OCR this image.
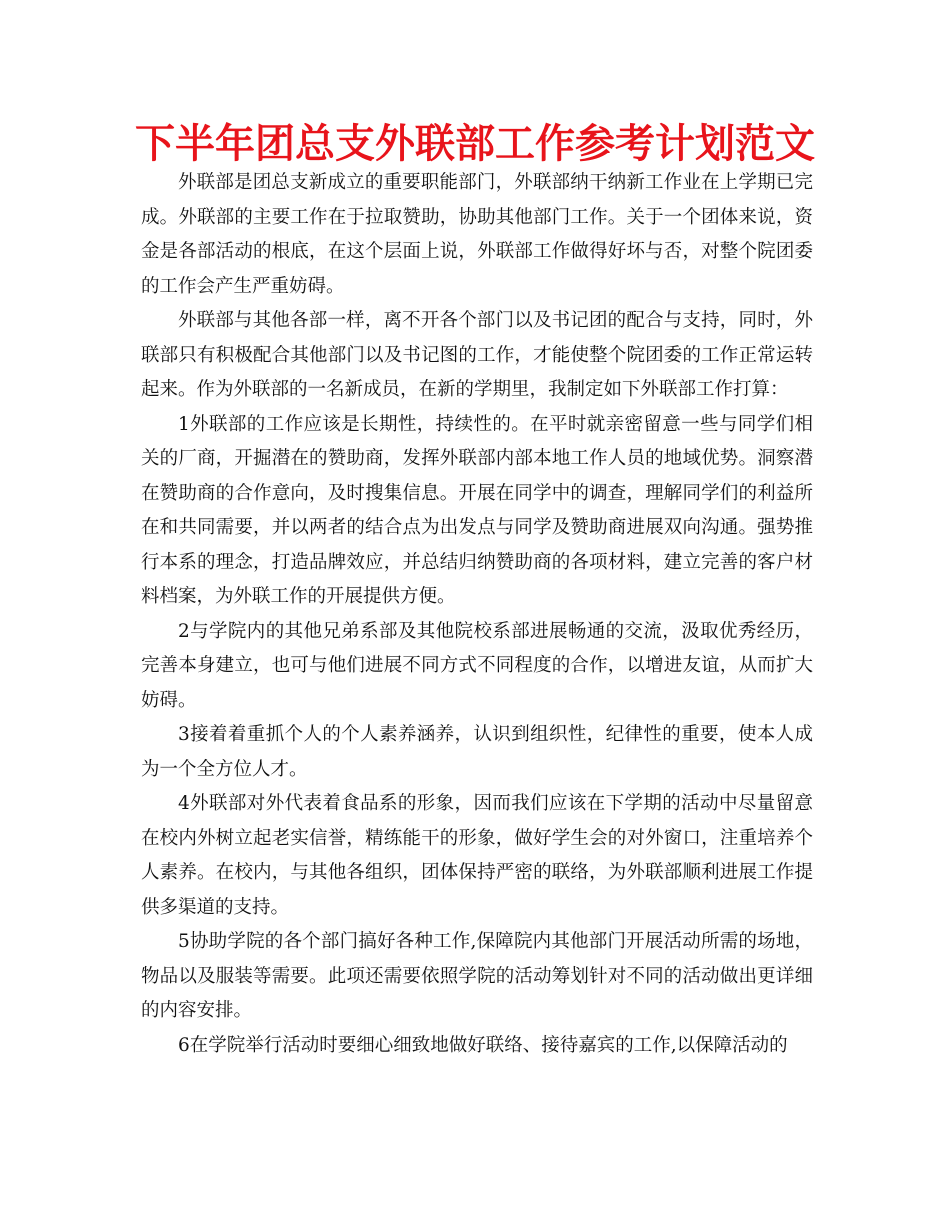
下半年团总支外联部工作参考计划范文

外联部是团总支新成立的重要职能部门，外联部纳干纳新工作业在上学期已完成。外联部的主要工作在于拉取赞助，协助其他部门工作。关于一个团体来说，资金是各部活动的根底，在这个层面上说，外联部工作做得好坏与否，对整个院团委的工作会产生严重妨碍。

外联部与其他各部一样，离不开各个部门以及书记团的配合与支持，同时，外联部只有积极配合其他部门以及书记图的工作，才能使整个院团委的工作正常运转起来。作为外联部的一名新成员，在新的学期里，我制定如下外联部工作打算：

1外联部的工作应该是长期性，持续性的。在平时就亲密留意一些与同学们相关的厂商，开掘潜在的赞助商，发挥外联部内部本地工作人员的地域优势。洞察潜在赞助商的合作意向，及时搜集信息。开展在同学中的调查，理解同学们的利益所在和共同需要，并以两者的结合点为出发点与同学及赞助商进展双向沟通。强势推行本系的理念，打造品牌效应，并总结归纳赞助商的各项材料，建立完善的客户材料档案，为外联工作的开展提供方便。

2与学院内的其他兄弟系部及其他院校系部进展畅通的交流，汲取优秀经历，完善本身建立，也可与他们进展不同方式不同程度的合作，以增进友谊，从而扩大妨碍。

3接着着重抓个人的个人素养涵养，认识到组织性，纪律性的重要，使本人成为一个全方位人才。

4外联部对外代表着食品系的形象，因而我们应该在下学期的活动中尽量留意在校内外树立起老实信誉，精练能干的形象，做好学生会的对外窗口，注重培养个人素养。在校内，与其他各组织，团体保持严密的联络，为外联部顺利进展工作提供多渠道的支持。

5协助学院的各个部门搞好各种工作,保障院内其他部门开展活动所需的场地，物品以及服装等需要。此项还需要依照学院的活动筹划针对不同的活动做出更详细的内容安排。

6在学院举行活动时要细心细致地做好联络、接待嘉宾的工作,以保障活动的
